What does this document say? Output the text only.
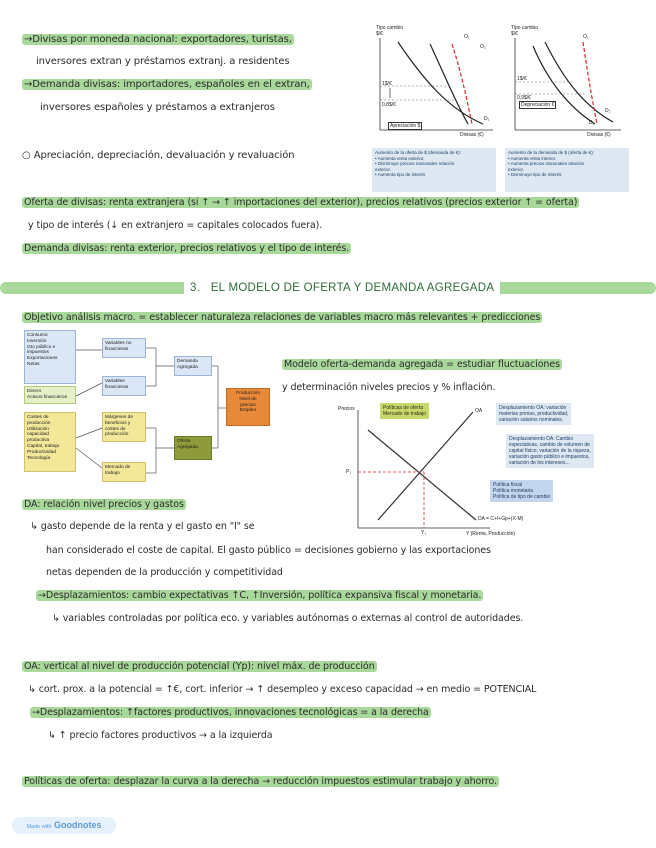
→Divisas por moneda nacional: exportadores, turistas,
inversores extran y préstamos extranj. a residentes
→Demanda divisas: importadores, españoles en el extran,
inversores españoles y préstamos a extranjeros
○ Apreciación, depreciación, devaluación y revaluación
Tipo cambio
$/€	O₁
O₂
D₁
1$/€
0,8$/€
Apreciación $
Divisas (€)
Aumento de la oferta de $ (demanda de €):
• Aumenta renta exterior.
• Disminuye precios nacionales relación
exterior.
• Aumenta tipo de interés
Tipo cambio
$/€	O₁
D₂
D₁
1$/€
0,9$/€
Depreciación €
Divisas (€)
Aumento de la demanda de $ (oferta de €):
• Aumenta renta interior.
• Aumenta precios nacionales relación
exterior.
• Disminuye tipo de interés
Oferta de divisas: renta extranjera (si ↑ → ↑ importaciones del exterior), precios relativos (precios exterior ↑ = oferta)
y tipo de interés (↓ en extranjero = capitales colocados fuera).
Demanda divisas: renta exterior, precios relativos y el tipo de interés.
3. EL MODELO DE OFERTA Y DEMANDA AGREGADA
Objetivo análisis macro. = establecer naturaleza relaciones de variables macro más relevantes + predicciones
Consumo
Inversión
Gto público e
impuestos
Exportaciones
Netas
Dinero
Activos financieros
Costes de
producción
Utilización
capacidad
productiva
Capital, trabajo
Productividad
Tecnología
Variables no
financieras
Variables
financieras
Márgenes de
beneficios y
costes de
producción
Mercado de
trabajo
Demanda
Agregada
Oferta
Agregada
Producción
Nivel de
precios
Empleo
Modelo oferta-demanda agregada = estudiar fluctuaciones
y determinación niveles precios y % inflación.
Precios
P₁
Y₁	Y (Renta, Producción)
OA
DA = C+I+Gp+(X-M)
Políticas de oferta
Mercado de trabajo
Desplazamiento OA: variación
materias primas, productividad,
variación salarios nominales.
Desplazamiento DA: Cambio
expectativas, cambio de volumen de
capital físico, variación de la riqueza,
variación gasto público e impuestos,
variación de los intereses...
Política fiscal
Política monetaria
Política de tipo de cambio
DA: relación nivel precios y gastos
↳ gasto depende de la renta y el gasto en "I" se
han considerado el coste de capital. El gasto público = decisiones gobierno y las exportaciones
netas dependen de la producción y competitividad
→Desplazamientos: cambio expectativas ↑C, ↑Inversión, política expansiva fiscal y monetaria.
↳ variables controladas por política eco. y variables autónomas o externas al control de autoridades.
OA: vertical al nivel de producción potencial (Yp): nivel máx. de producción
↳ cort. prox. a la potencial = ↑€, cort. inferior → ↑ desempleo y exceso capacidad → en medio = POTENCIAL
→Desplazamientos: ↑factores productivos, innovaciones tecnológicas = a la derecha
↳ ↑ precio factores productivos → a la izquierda
Políticas de oferta: desplazar la curva a la derecha → reducción impuestos estimular trabajo y ahorro.
Made with Goodnotes
